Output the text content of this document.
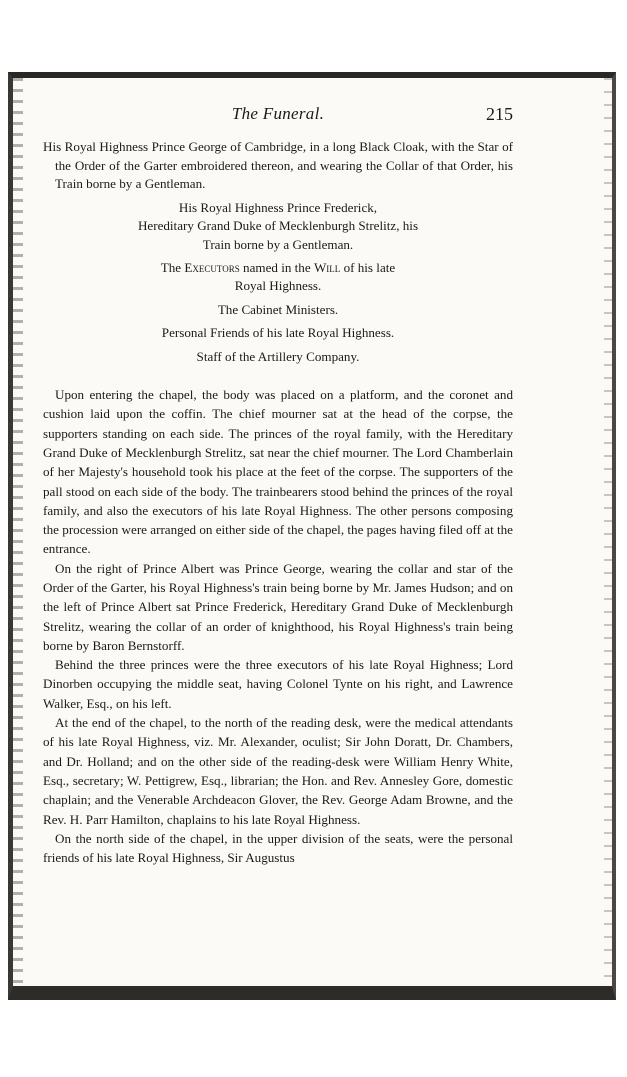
The Funeral.	215

His Royal Highness Prince George of Cambridge, in a long Black Cloak, with the Star of the Order of the Garter embroidered thereon, and wearing the Collar of that Order, his Train borne by a Gentleman.

His Royal Highness Prince Frederick,
Hereditary Grand Duke of Mecklenburgh Strelitz, his
Train borne by a Gentleman.
The Executors named in the Will of his late
Royal Highness.
The Cabinet Ministers.
Personal Friends of his late Royal Highness.
Staff of the Artillery Company.

Upon entering the chapel, the body was placed on a platform, and the coronet and cushion laid upon the coffin. The chief mourner sat at the head of the corpse, the supporters standing on each side. The princes of the royal family, with the Hereditary Grand Duke of Mecklenburgh Strelitz, sat near the chief mourner. The Lord Chamberlain of her Majesty's household took his place at the feet of the corpse. The supporters of the pall stood on each side of the body. The trainbearers stood behind the princes of the royal family, and also the executors of his late Royal Highness. The other persons composing the procession were arranged on either side of the chapel, the pages having filed off at the entrance.

On the right of Prince Albert was Prince George, wearing the collar and star of the Order of the Garter, his Royal Highness's train being borne by Mr. James Hudson; and on the left of Prince Albert sat Prince Frederick, Hereditary Grand Duke of Mecklenburgh Strelitz, wearing the collar of an order of knighthood, his Royal Highness's train being borne by Baron Bernstorff.

Behind the three princes were the three executors of his late Royal Highness; Lord Dinorben occupying the middle seat, having Colonel Tynte on his right, and Lawrence Walker, Esq., on his left.

At the end of the chapel, to the north of the reading desk, were the medical attendants of his late Royal Highness, viz. Mr. Alexander, oculist; Sir John Doratt, Dr. Chambers, and Dr. Holland; and on the other side of the reading-desk were William Henry White, Esq., secretary; W. Pettigrew, Esq., librarian; the Hon. and Rev. Annesley Gore, domestic chaplain; and the Venerable Archdeacon Glover, the Rev. George Adam Browne, and the Rev. H. Parr Hamilton, chaplains to his late Royal Highness.

On the north side of the chapel, in the upper division of the seats, were the personal friends of his late Royal Highness, Sir Augustus
